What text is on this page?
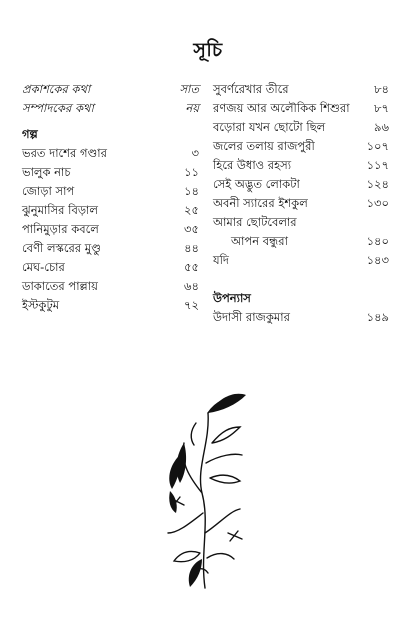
সূচি
প্রকাশকের কথা	সাত
সম্পাদকের কথা	নয়
গল্প
ভরত দাশের গণ্ডার	৩
ভালুক নাচ	১১
জোড়া সাপ	১৪
ঝুনুমাসির বিড়াল	২৫
পানিমুড়ার কবলে	৩৫
বেণী লস্করের মুণ্ডু	৪৪
মেঘ-চোর	৫৫
ডাকাতের পাল্লায়	৬৪
ইস্টকুটুম	৭২
সুবর্ণরেখার তীরে	৮৪
রণজয় আর অলৌকিক শিশুরা ৮৭
বড়োরা যখন ছোটো ছিল	৯৬
জলের তলায় রাজপুরী	১০৭
হিরে উধাও রহস্য	১১৭
সেই অদ্ভুত লোকটা	১২৪
অবনী স্যারের ইশকুল	১৩০
আমার ছোটবেলার
আপন বন্ধুরা	১৪০
যদি	১৪৩
উপন্যাস
উদাসী রাজকুমার	১৪৯
